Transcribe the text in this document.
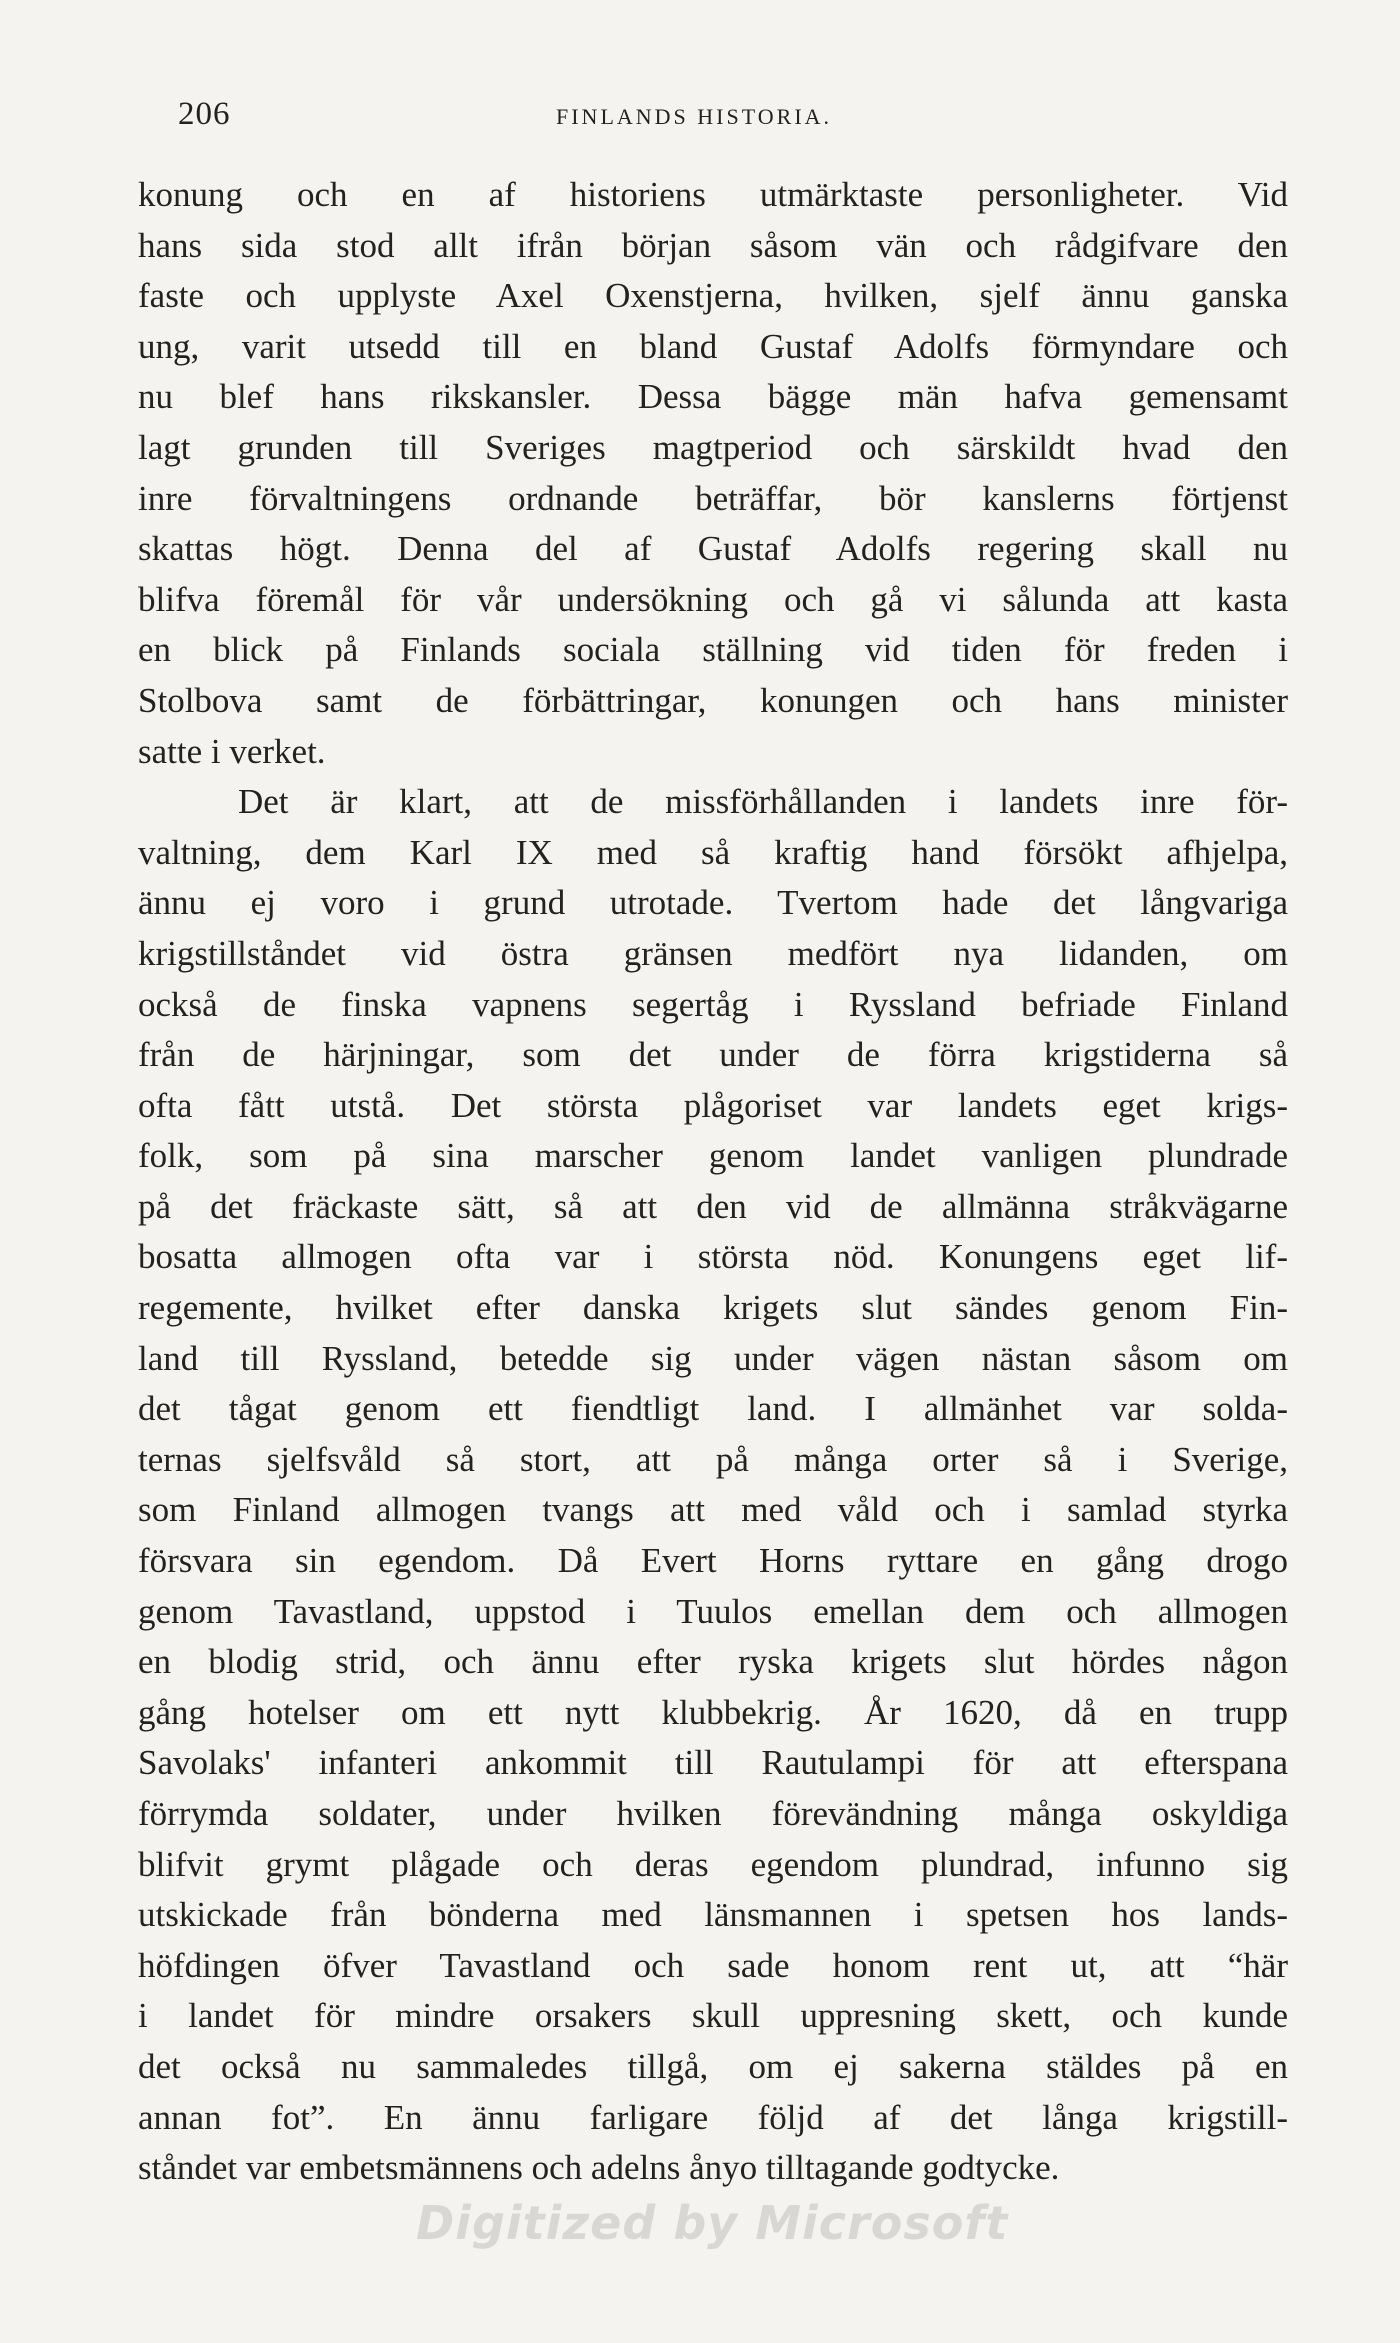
206	FINLANDS HISTORIA.
konung och en af historiens utmärktaste personligheter. Vid
hans sida stod allt ifrån början såsom vän och rådgifvare den
faste och upplyste Axel Oxenstjerna, hvilken, sjelf ännu ganska
ung, varit utsedd till en bland Gustaf Adolfs förmyndare och
nu blef hans rikskansler. Dessa bägge män hafva gemensamt
lagt grunden till Sveriges magtperiod och särskildt hvad den
inre förvaltningens ordnande beträffar, bör kanslerns förtjenst
skattas högt. Denna del af Gustaf Adolfs regering skall nu
blifva föremål för vår undersökning och gå vi sålunda att kasta
en blick på Finlands sociala ställning vid tiden för freden i
Stolbova samt de förbättringar, konungen och hans minister
satte i verket.
Det är klart, att de missförhållanden i landets inre för-
valtning, dem Karl IX med så kraftig hand försökt afhjelpa,
ännu ej voro i grund utrotade. Tvertom hade det långvariga
krigstillståndet vid östra gränsen medfört nya lidanden, om
också de finska vapnens segertåg i Ryssland befriade Finland
från de härjningar, som det under de förra krigstiderna så
ofta fått utstå. Det största plågoriset var landets eget krigs-
folk, som på sina marscher genom landet vanligen plundrade
på det fräckaste sätt, så att den vid de allmänna stråkvägarne
bosatta allmogen ofta var i största nöd. Konungens eget lif-
regemente, hvilket efter danska krigets slut sändes genom Fin-
land till Ryssland, betedde sig under vägen nästan såsom om
det tågat genom ett fiendtligt land. I allmänhet var solda-
ternas sjelfsvåld så stort, att på många orter så i Sverige,
som Finland allmogen tvangs att med våld och i samlad styrka
försvara sin egendom. Då Evert Horns ryttare en gång drogo
genom Tavastland, uppstod i Tuulos emellan dem och allmogen
en blodig strid, och ännu efter ryska krigets slut hördes någon
gång hotelser om ett nytt klubbekrig. År 1620, då en trupp
Savolaks' infanteri ankommit till Rautulampi för att efterspana
förrymda soldater, under hvilken förevändning många oskyldiga
blifvit grymt plågade och deras egendom plundrad, infunno sig
utskickade från bönderna med länsmannen i spetsen hos lands-
höfdingen öfver Tavastland och sade honom rent ut, att “här
i landet för mindre orsakers skull uppresning skett, och kunde
det också nu sammaledes tillgå, om ej sakerna stäldes på en
annan fot”. En ännu farligare följd af det långa krigstill-
ståndet var embetsmännens och adelns ånyo tilltagande godtycke.
Digitized by Microsoft
